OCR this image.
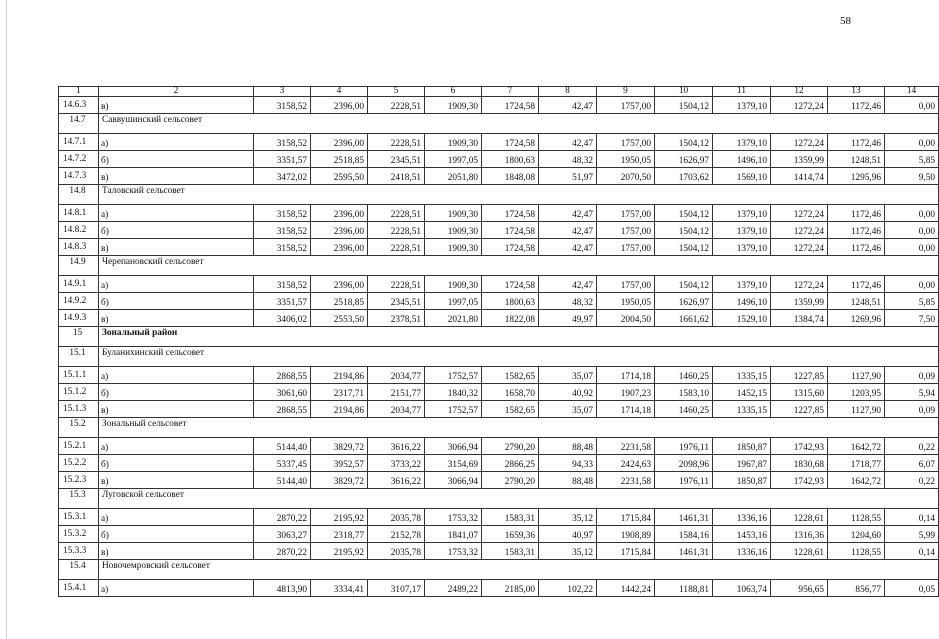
58
1	2	3	4	5	6	7	8	9	10	11	12	13	14
14.6.3	в)	3158,52	2396,00	2228,51	1909,30	1724,58	42,47	1757,00	1504,12	1379,10	1272,24	1172,46	0,00
14.7	Саввушинский сельсовет												
14.7.1	а)	3158,52	2396,00	2228,51	1909,30	1724,58	42,47	1757,00	1504,12	1379,10	1272,24	1172,46	0,00
14.7.2	б)	3351,57	2518,85	2345,51	1997,05	1800,63	48,32	1950,05	1626,97	1496,10	1359,99	1248,51	5,85
14.7.3	в)	3472,02	2595,50	2418,51	2051,80	1848,08	51,97	2070,50	1703,62	1569,10	1414,74	1295,96	9,50
14.8	Таловский сельсовет												
14.8.1	а)	3158,52	2396,00	2228,51	1909,30	1724,58	42,47	1757,00	1504,12	1379,10	1272,24	1172,46	0,00
14.8.2	б)	3158,52	2396,00	2228,51	1909,30	1724,58	42,47	1757,00	1504,12	1379,10	1272,24	1172,46	0,00
14.8.3	в)	3158,52	2396,00	2228,51	1909,30	1724,58	42,47	1757,00	1504,12	1379,10	1272,24	1172,46	0,00
14.9	Черепановский сельсовет												
14.9.1	а)	3158,52	2396,00	2228,51	1909,30	1724,58	42,47	1757,00	1504,12	1379,10	1272,24	1172,46	0,00
14.9.2	б)	3351,57	2518,85	2345,51	1997,05	1800,63	48,32	1950,05	1626,97	1496,10	1359,99	1248,51	5,85
14.9.3	в)	3406,02	2553,50	2378,51	2021,80	1822,08	49,97	2004,50	1661,62	1529,10	1384,74	1269,96	7,50
15	Зональный район												
15.1	Буланихинский сельсовет												
15.1.1	а)	2868,55	2194,86	2034,77	1752,57	1582,65	35,07	1714,18	1460,25	1335,15	1227,85	1127,90	0,09
15.1.2	б)	3061,60	2317,71	2151,77	1840,32	1658,70	40,92	1907,23	1583,10	1452,15	1315,60	1203,95	5,94
15.1.3	в)	2868,55	2194,86	2034,77	1752,57	1582,65	35,07	1714,18	1460,25	1335,15	1227,85	1127,90	0,09
15.2	Зональный сельсовет												
15.2.1	а)	5144,40	3829,72	3616,22	3066,94	2790,20	88,48	2231,58	1976,11	1850,87	1742,93	1642,72	0,22
15.2.2	б)	5337,45	3952,57	3733,22	3154,69	2866,25	94,33	2424,63	2098,96	1967,87	1830,68	1718,77	6,07
15.2.3	в)	5144,40	3829,72	3616,22	3066,94	2790,20	88,48	2231,58	1976,11	1850,87	1742,93	1642,72	0,22
15.3	Луговской сельсовет												
15.3.1	а)	2870,22	2195,92	2035,78	1753,32	1583,31	35,12	1715,84	1461,31	1336,16	1228,61	1128,55	0,14
15.3.2	б)	3063,27	2318,77	2152,78	1841,07	1659,36	40,97	1908,89	1584,16	1453,16	1316,36	1204,60	5,99
15.3.3	в)	2870,22	2195,92	2035,78	1753,32	1583,31	35,12	1715,84	1461,31	1336,16	1228,61	1128,55	0,14
15.4	Новочемровский сельсовет												
15.4.1	а)	4813,90	3334,41	3107,17	2489,22	2185,00	102,22	1442,24	1188,81	1063,74	956,65	856,77	0,05
